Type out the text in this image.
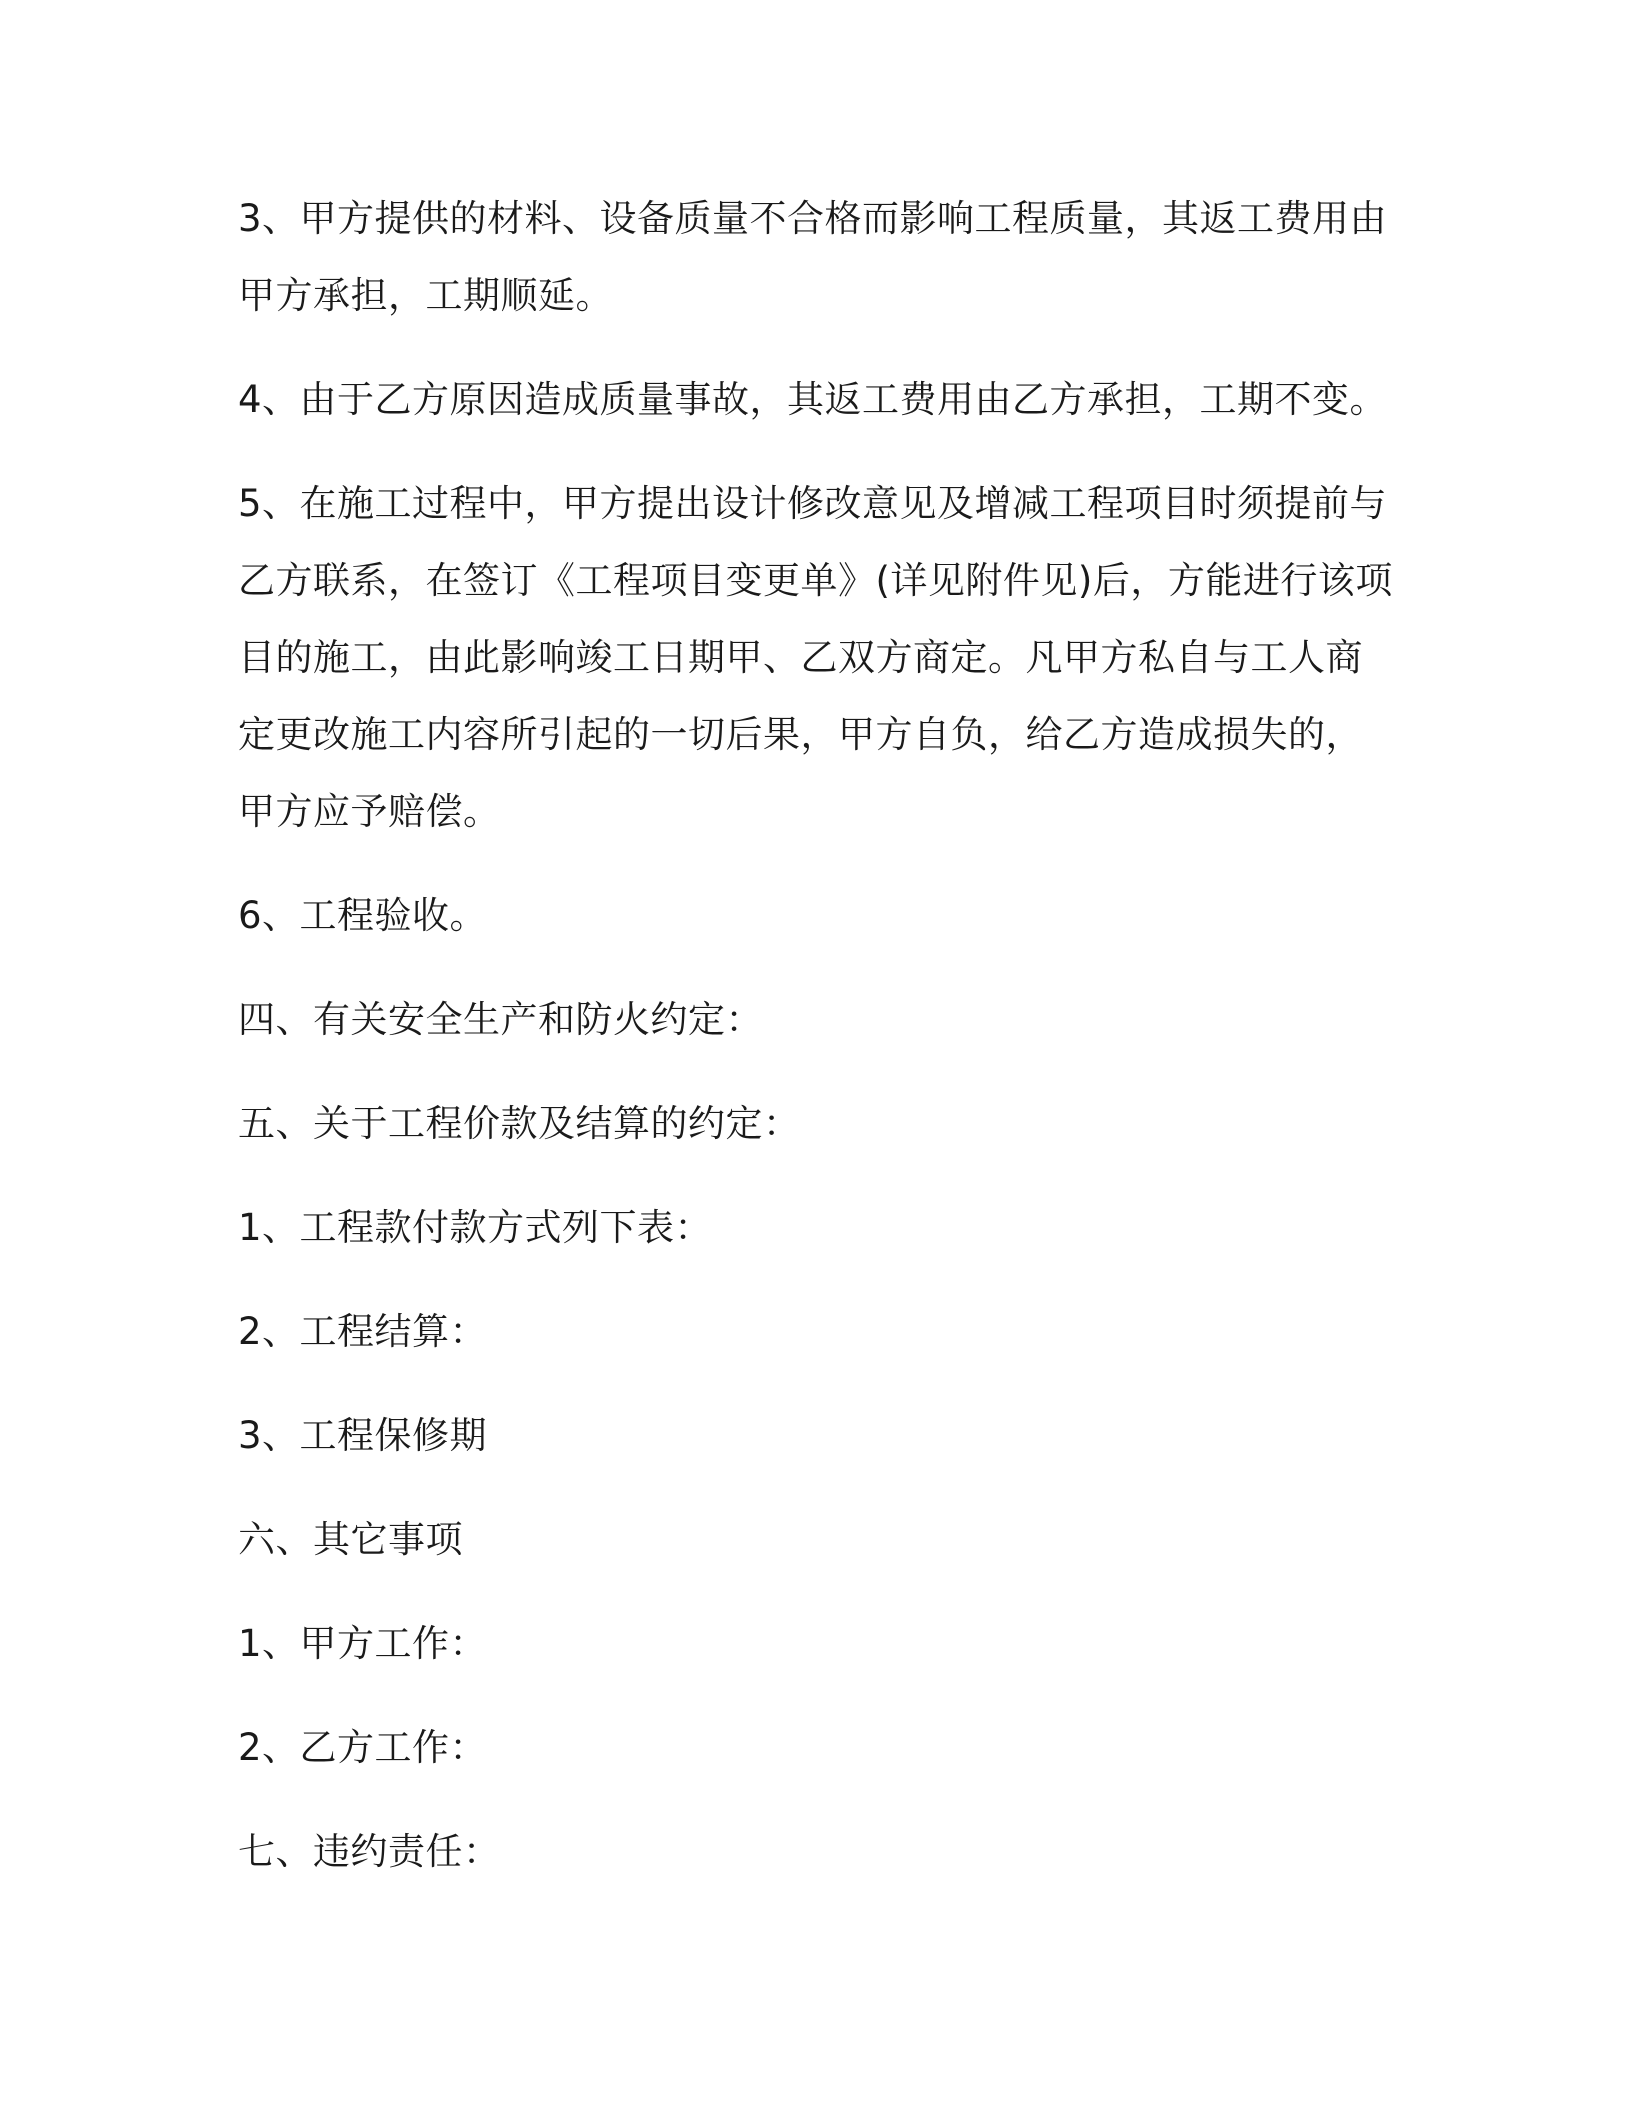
3、甲方提供的材料、设备质量不合格而影响工程质量，其返工费用由
甲方承担，工期顺延。

4、由于乙方原因造成质量事故，其返工费用由乙方承担，工期不变。

5、在施工过程中，甲方提出设计修改意见及增减工程项目时须提前与
乙方联系，在签订《工程项目变更单》(详见附件见)后，方能进行该项
目的施工，由此影响竣工日期甲、乙双方商定。凡甲方私自与工人商
定更改施工内容所引起的一切后果，甲方自负，给乙方造成损失的，
甲方应予赔偿。

6、工程验收。

四、有关安全生产和防火约定：

五、关于工程价款及结算的约定：

1、工程款付款方式列下表：

2、工程结算：

3、工程保修期

六、其它事项

1、甲方工作：

2、乙方工作：

七、违约责任：
